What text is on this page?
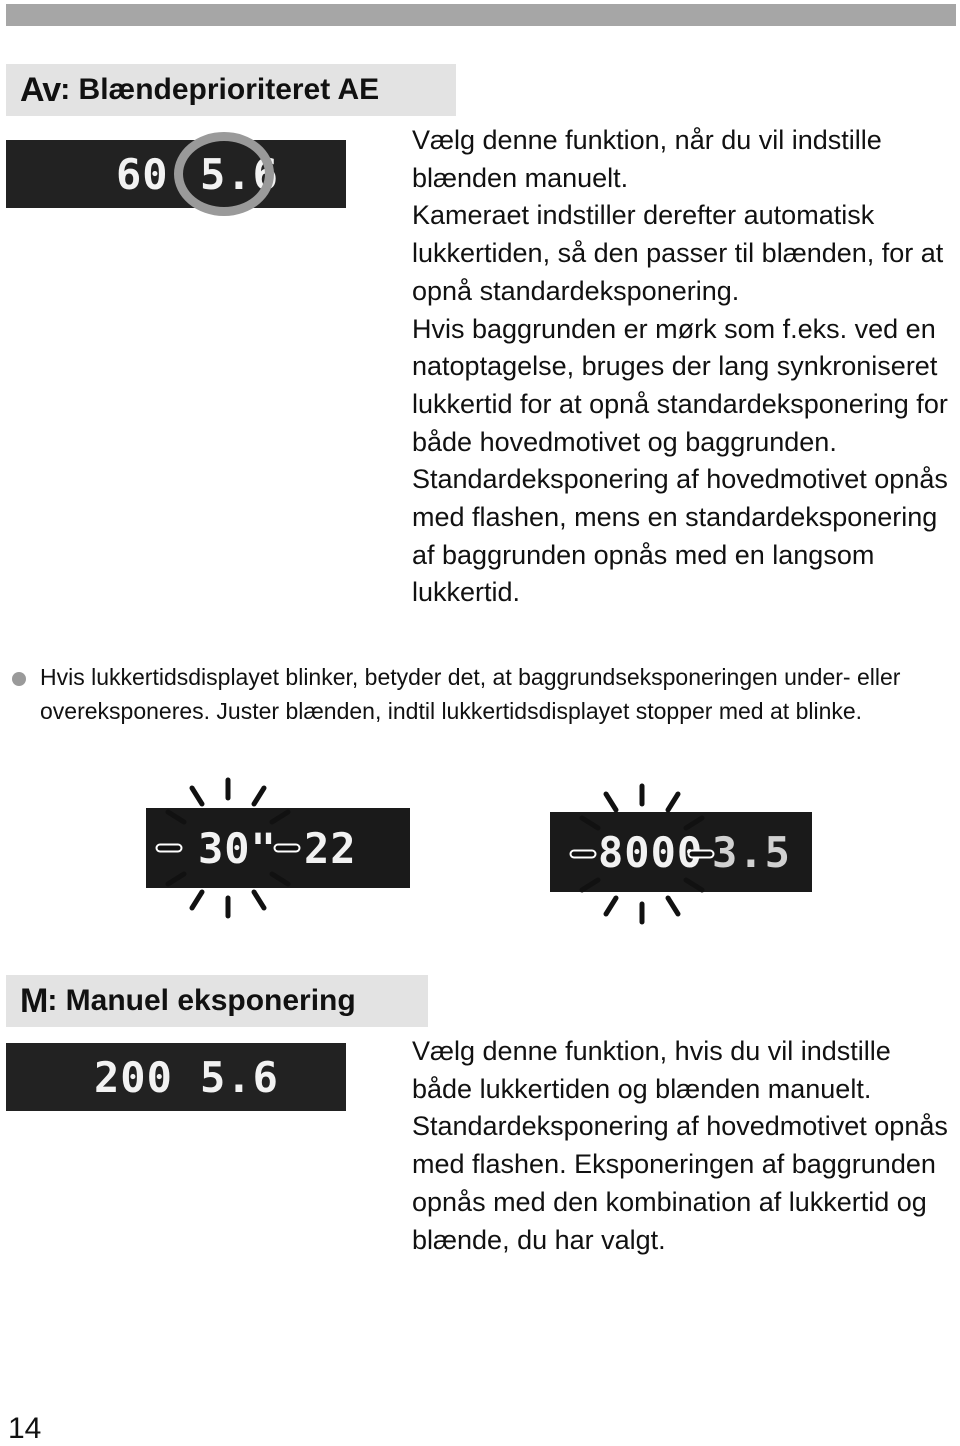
Av : Blændeprioriteret AE
60 5.6

Vælg denne funktion, når du vil indstille blænden manuelt.

Kameraet indstiller derefter automatisk lukkertiden, så den passer til blænden, for at opnå standardeksponering.

Hvis baggrunden er mørk som f.eks. ved en natoptagelse, bruges der lang synkroniseret lukkertid for at opnå standardeksponering for både hovedmotivet og baggrunden. Standardeksponering af hovedmotivet opnås med flashen, mens en standardeksponering af baggrunden opnås med en langsom lukkertid.

Hvis lukkertidsdisplayet blinker, betyder det, at baggrundseksponeringen under- eller overeksponeres. Juster blænden, indtil lukkertidsdisplayet stopper med at blinke.
30" 22	8000 3.5
M : Manuel eksponering
200 5.6

Vælg denne funktion, hvis du vil indstille både lukkertiden og blænden manuelt. Standardeksponering af hovedmotivet opnås med flashen. Eksponeringen af baggrunden opnås med den kombination af lukkertid og blænde, du har valgt.

14
